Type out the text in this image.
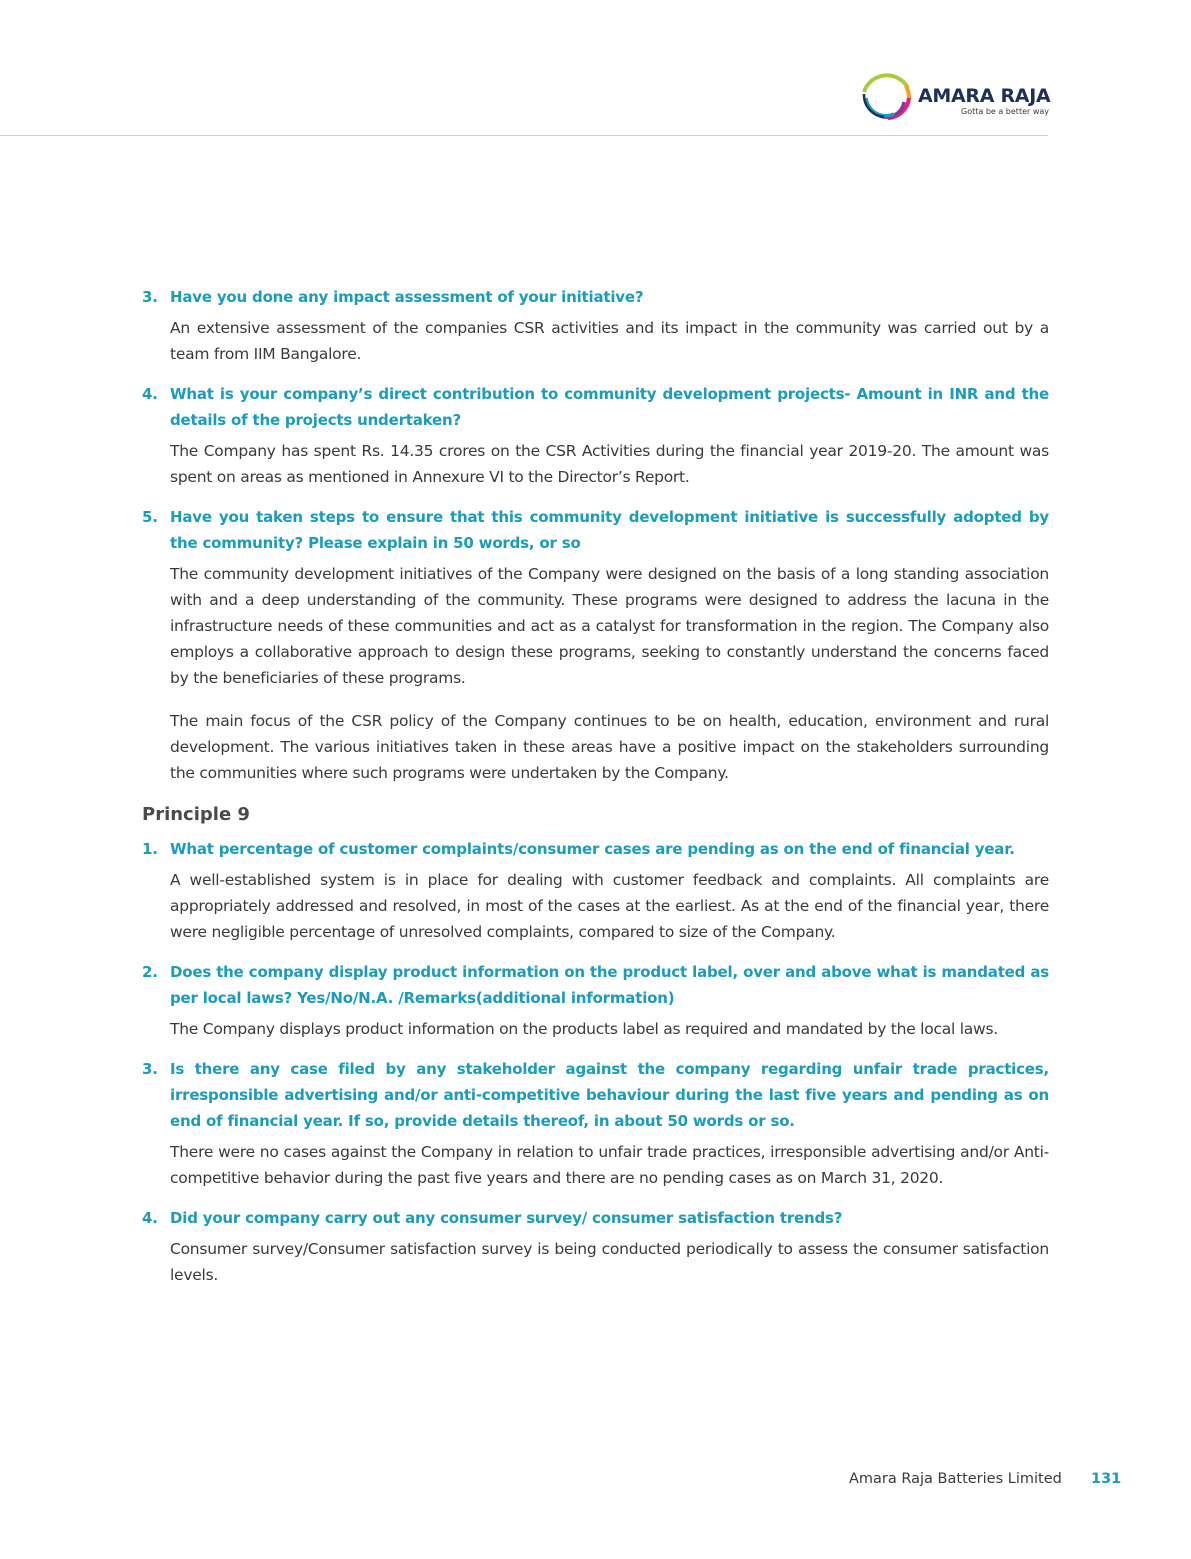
AMARA RAJA
Gotta be a better way
3. Have you done any impact assessment of your initiative?

An extensive assessment of the companies CSR activities and its impact in the community was carried out by a team from IIM Bangalore.

4. What is your company’s direct contribution to community development projects- Amount in INR and the details of the projects undertaken?

The Company has spent Rs. 14.35 crores on the CSR Activities during the financial year 2019-20. The amount was spent on areas as mentioned in Annexure VI to the Director’s Report.

5. Have you taken steps to ensure that this community development initiative is successfully adopted by the community? Please explain in 50 words, or so

The community development initiatives of the Company were designed on the basis of a long standing association with and a deep understanding of the community. These programs were designed to address the lacuna in the infrastructure needs of these communities and act as a catalyst for transformation in the region. The Company also employs a collaborative approach to design these programs, seeking to constantly understand the concerns faced by the beneficiaries of these programs.

The main focus of the CSR policy of the Company continues to be on health, education, environment and rural development. The various initiatives taken in these areas have a positive impact on the stakeholders surrounding the communities where such programs were undertaken by the Company.

Principle 9
1. What percentage of customer complaints/consumer cases are pending as on the end of financial year.

A well-established system is in place for dealing with customer feedback and complaints. All complaints are appropriately addressed and resolved, in most of the cases at the earliest. As at the end of the financial year, there were negligible percentage of unresolved complaints, compared to size of the Company.

2. Does the company display product information on the product label, over and above what is mandated as per local laws? Yes/No/N.A. /Remarks(additional information)

The Company displays product information on the products label as required and mandated by the local laws.

3. Is there any case filed by any stakeholder against the company regarding unfair trade practices, irresponsible advertising and/or anti-competitive behaviour during the last five years and pending as on end of financial year. If so, provide details thereof, in about 50 words or so.

There were no cases against the Company in relation to unfair trade practices, irresponsible advertising and/or Anti-competitive behavior during the past five years and there are no pending cases as on March 31, 2020.

4. Did your company carry out any consumer survey/ consumer satisfaction trends?

Consumer survey/Consumer satisfaction survey is being conducted periodically to assess the consumer satisfaction levels.

Amara Raja Batteries Limited 131
